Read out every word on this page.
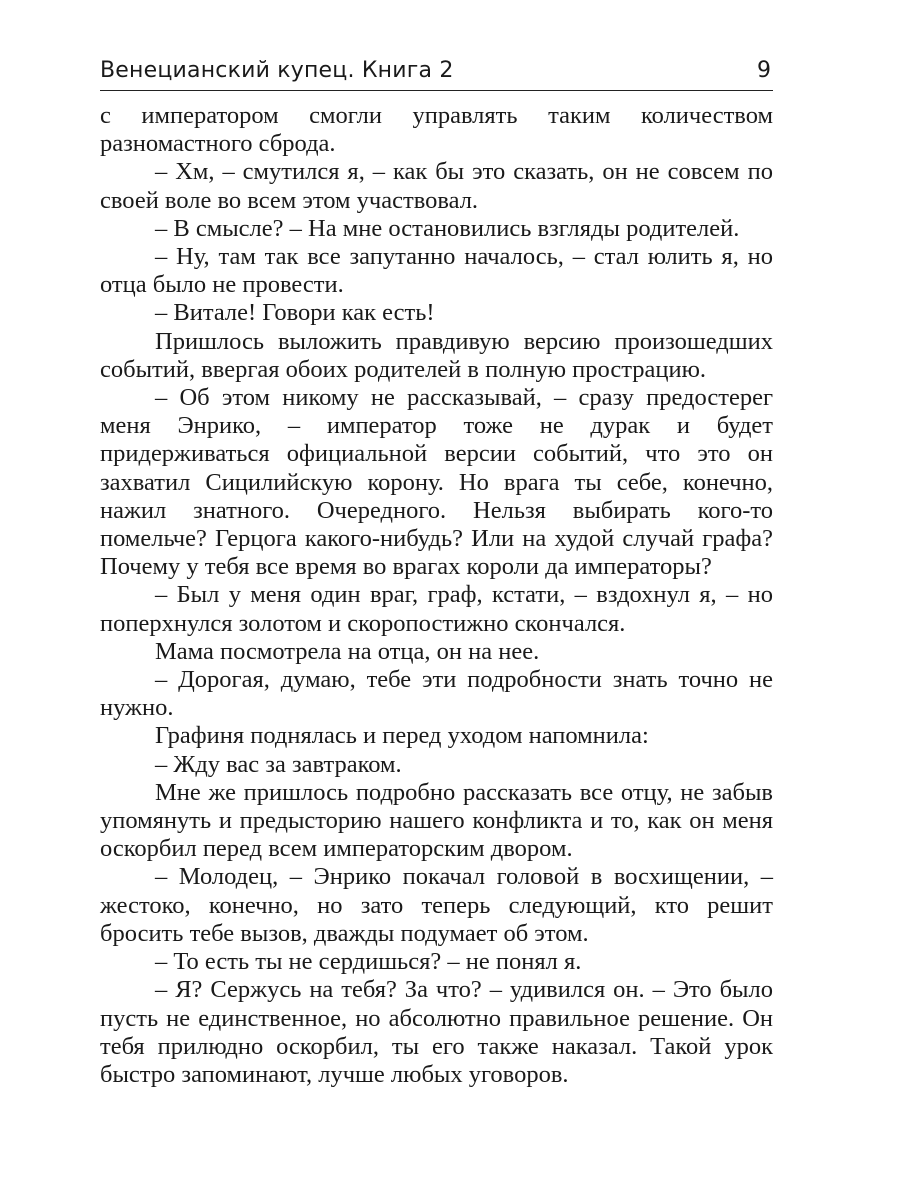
Венецианский купец. Книга 2	9

с императором смогли управлять таким количеством разномастного сброда.

– Хм, – смутился я, – как бы это сказать, он не совсем по своей воле во всем этом участвовал.

– В смысле? – На мне остановились взгляды родителей.

– Ну, там так все запутанно началось, – стал юлить я, но отца было не провести.

– Витале! Говори как есть!

Пришлось выложить правдивую версию произошедших событий, ввергая обоих родителей в полную прострацию.

– Об этом никому не рассказывай, – сразу предостерег меня Энрико, – император тоже не дурак и будет придерживаться официальной версии событий, что это он захватил Сицилийскую корону. Но врага ты себе, конечно, нажил знатного. Очередного. Нельзя выбирать кого-то помельче? Герцога какого-нибудь? Или на худой случай графа? Почему у тебя все время во врагах короли да императоры?

– Был у меня один враг, граф, кстати, – вздохнул я, – но поперхнулся золотом и скоропостижно скончался.

Мама посмотрела на отца, он на нее.

– Дорогая, думаю, тебе эти подробности знать точно не нужно.

Графиня поднялась и перед уходом напомнила:

– Жду вас за завтраком.

Мне же пришлось подробно рассказать все отцу, не забыв упомянуть и предысторию нашего конфликта и то, как он меня оскорбил перед всем императорским двором.

– Молодец, – Энрико покачал головой в восхищении, – жестоко, конечно, но зато теперь следующий, кто решит бросить тебе вызов, дважды подумает об этом.

– То есть ты не сердишься? – не понял я.

– Я? Сержусь на тебя? За что? – удивился он. – Это было пусть не единственное, но абсолютно правильное решение. Он тебя прилюдно оскорбил, ты его также наказал. Такой урок быстро запоминают, лучше любых уговоров.
